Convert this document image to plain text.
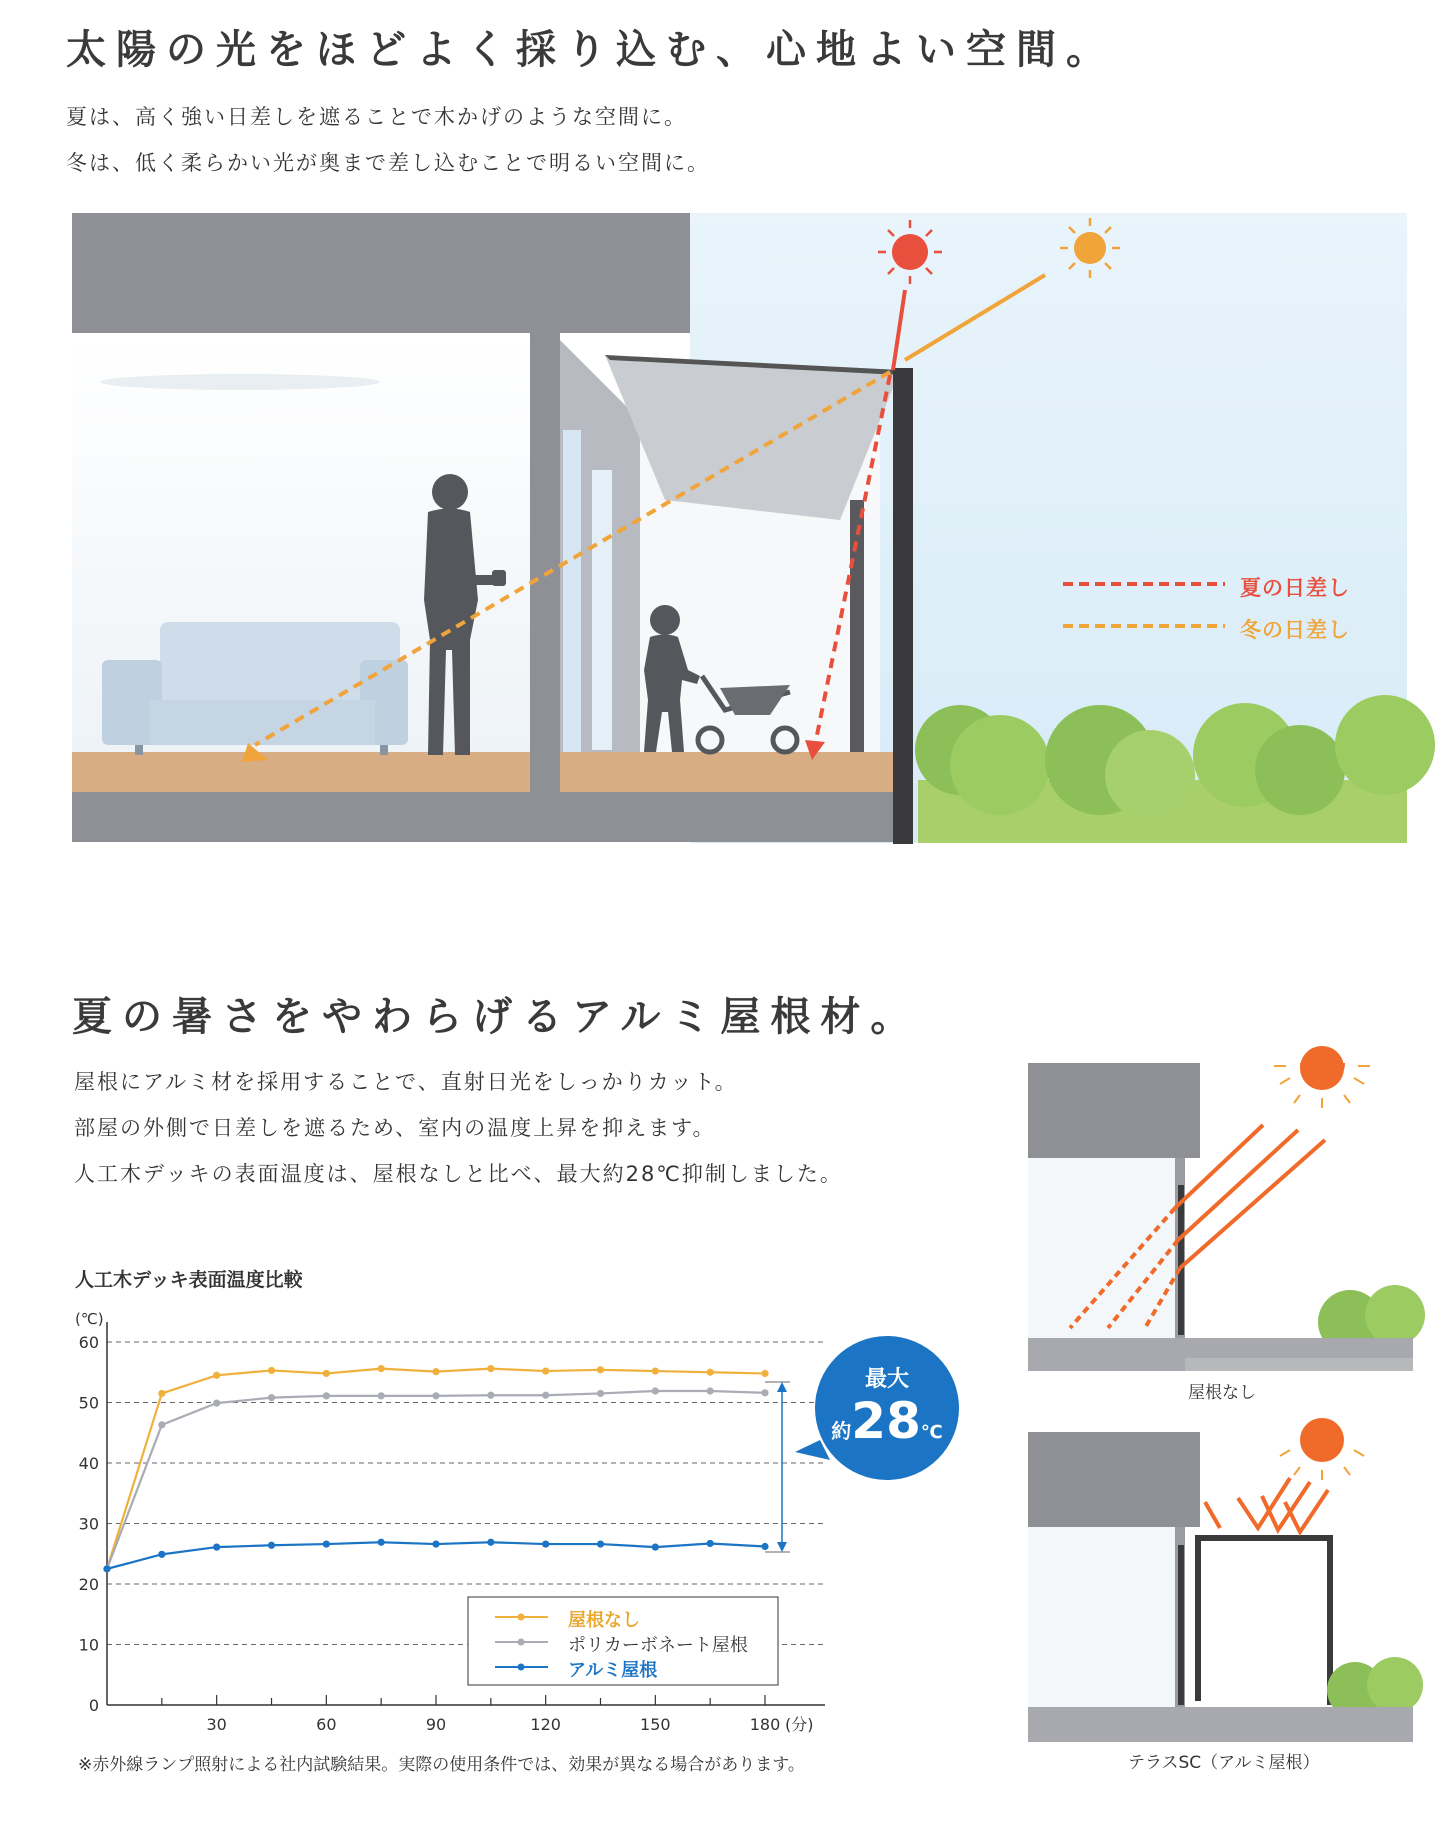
太陽の光をほどよく採り込む、心地よい空間。
夏は、高く強い日差しを遮ることで木かげのような空間に。
冬は、低く柔らかい光が奥まで差し込むことで明るい空間に。
夏の日差し
冬の日差し
夏の暑さをやわらげるアルミ屋根材。
屋根にアルミ材を採用することで、直射日光をしっかりカット。
部屋の外側で日差しを遮るため、室内の温度上昇を抑えます。
人工木デッキの表面温度は、屋根なしと比べ、最大約28℃抑制しました。
人工木デッキ表面温度比較
0
10
20
30
40
50
60
(℃)
30	60	90	120	150	180 (分)
屋根なし
ポリカーボネート屋根
アルミ屋根
最大
約28℃
※赤外線ランプ照射による社内試験結果。実際の使用条件では、効果が異なる場合があります。
屋根なし
テラスSC（アルミ屋根）
